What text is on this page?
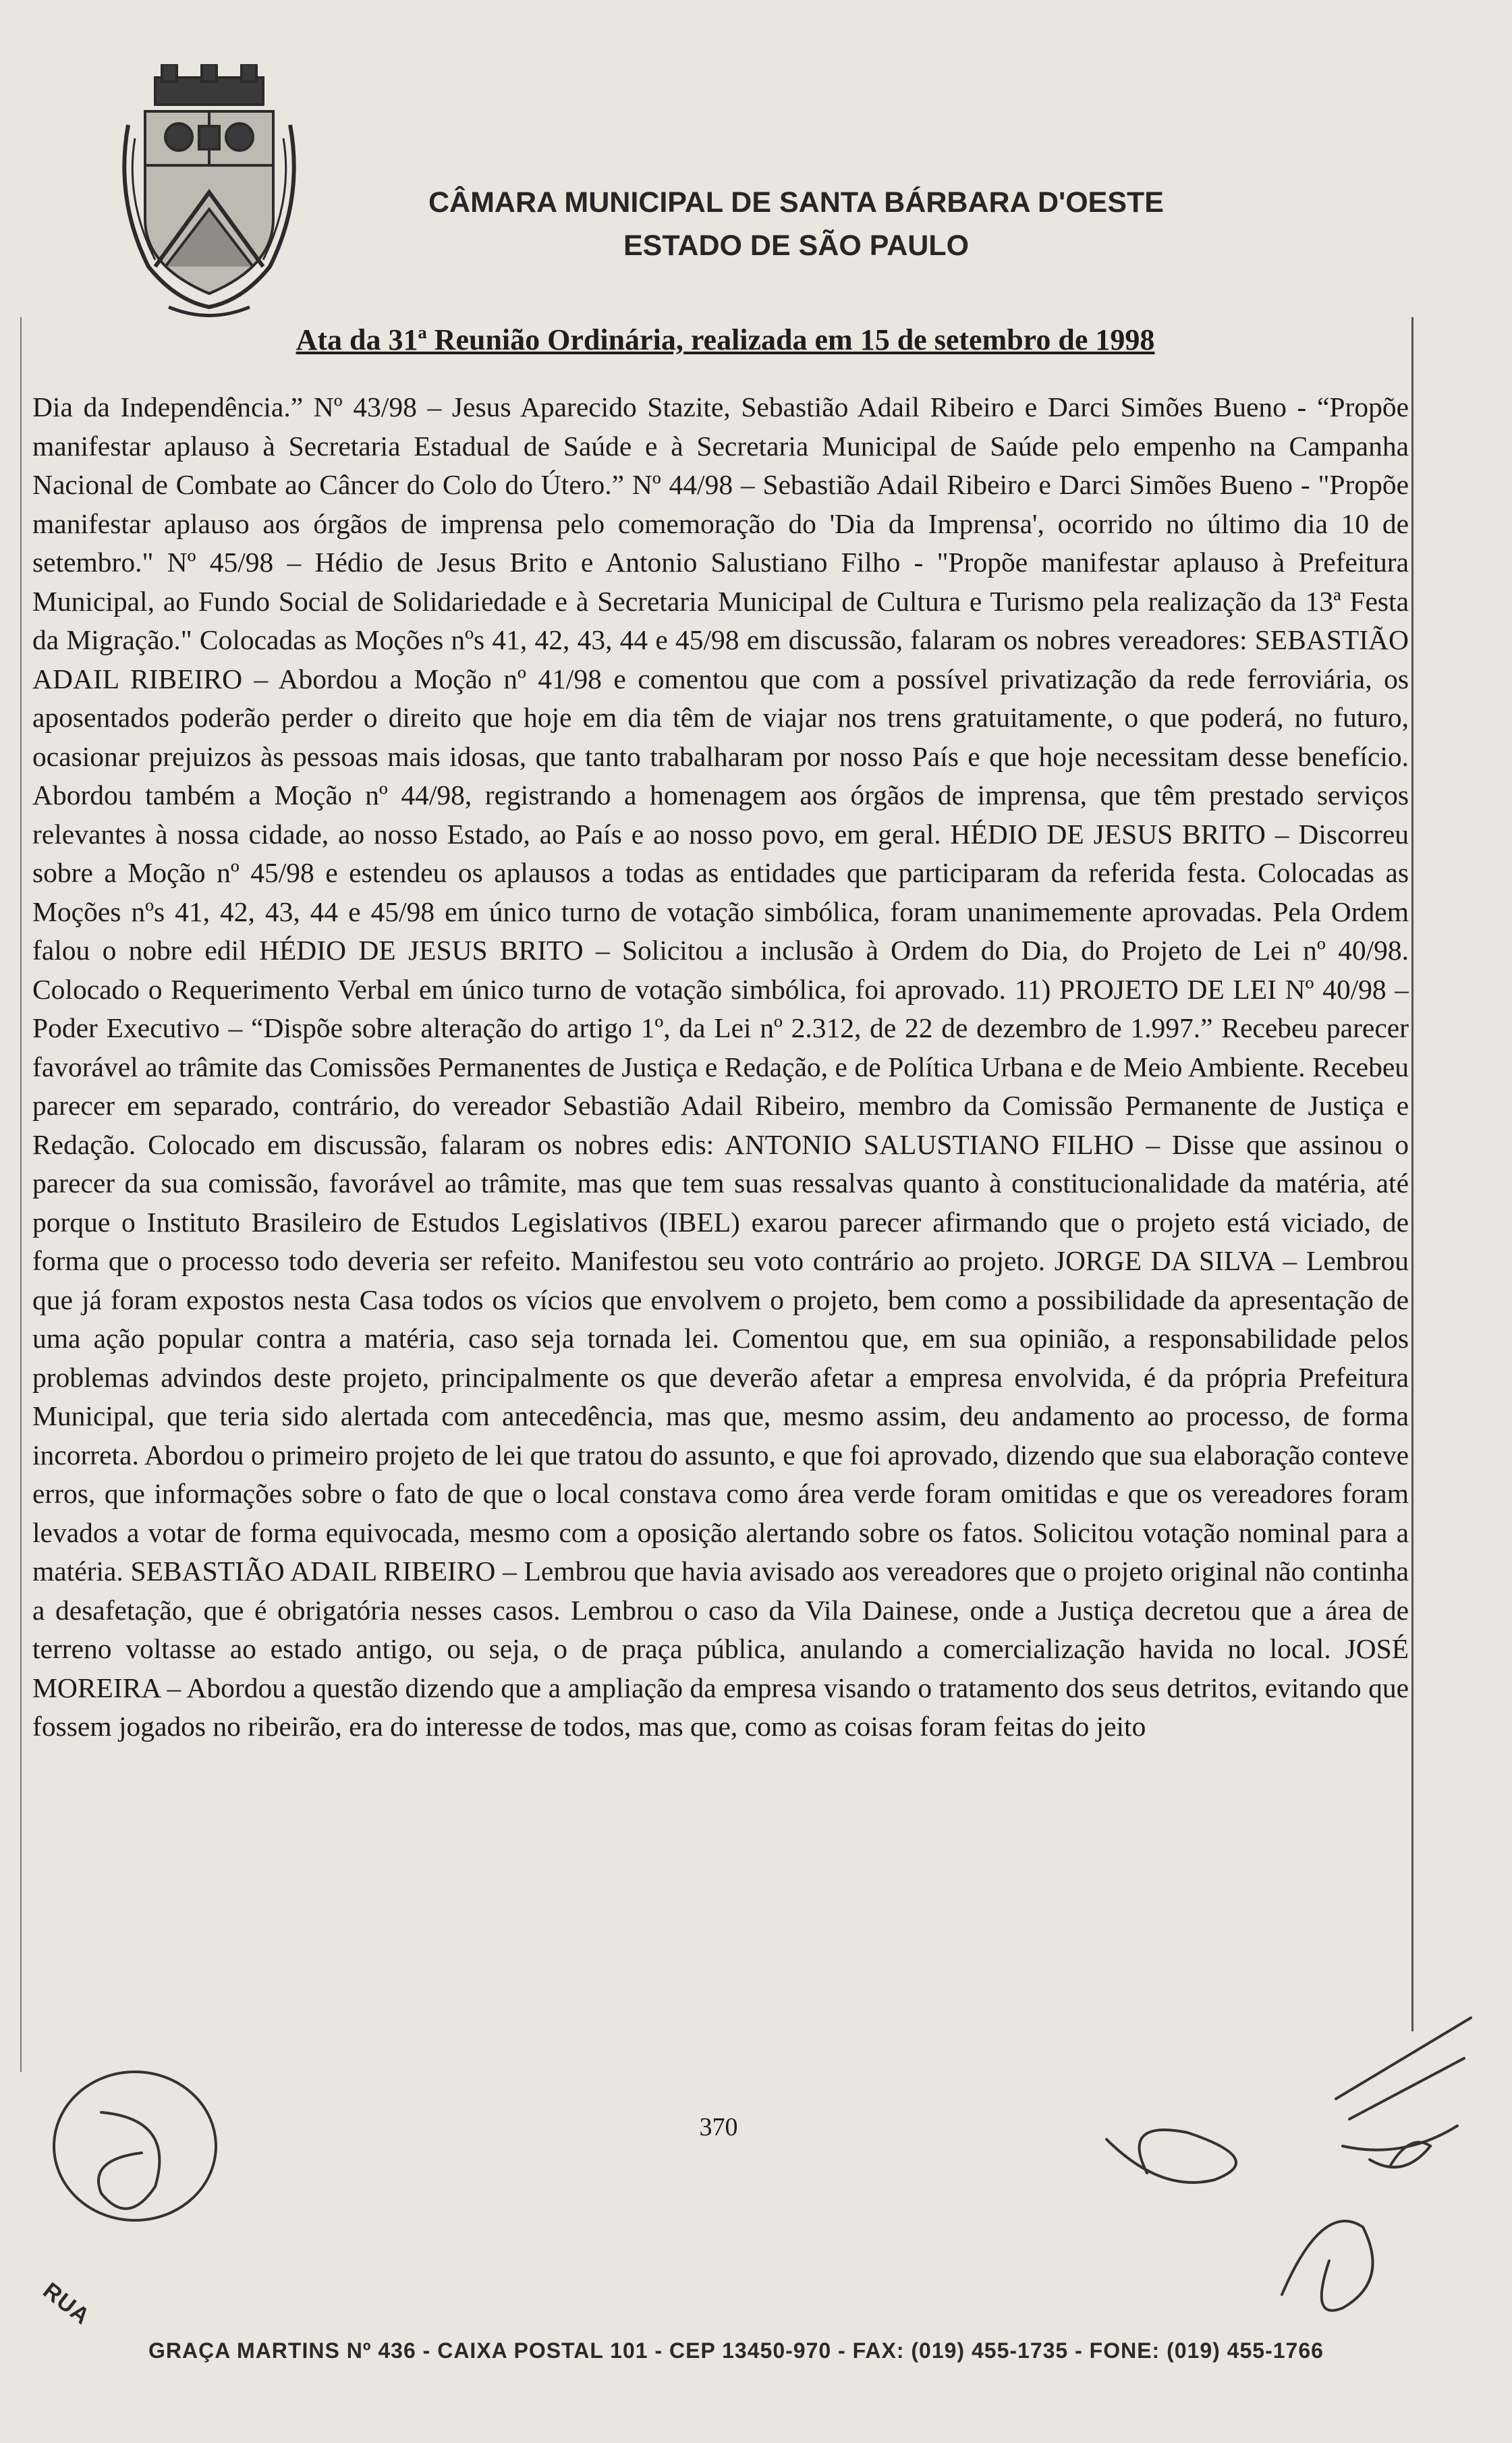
CÂMARA MUNICIPAL DE SANTA BÁRBARA D'OESTE
ESTADO DE SÃO PAULO
Ata da 31ª Reunião Ordinária, realizada em 15 de setembro de 1998

Dia da Independência.” Nº 43/98 – Jesus Aparecido Stazite, Sebastião Adail Ribeiro e Darci Simões Bueno - “Propõe manifestar aplauso à Secretaria Estadual de Saúde e à Secretaria Municipal de Saúde pelo empenho na Campanha Nacional de Combate ao Câncer do Colo do Útero.” Nº 44/98 – Sebastião Adail Ribeiro e Darci Simões Bueno - "Propõe manifestar aplauso aos órgãos de imprensa pelo comemoração do 'Dia da Imprensa', ocorrido no último dia 10 de setembro." Nº 45/98 – Hédio de Jesus Brito e Antonio Salustiano Filho - "Propõe manifestar aplauso à Prefeitura Municipal, ao Fundo Social de Solidariedade e à Secretaria Municipal de Cultura e Turismo pela realização da 13ª Festa da Migração." Colocadas as Moções nºs 41, 42, 43, 44 e 45/98 em discussão, falaram os nobres vereadores: SEBASTIÃO ADAIL RIBEIRO – Abordou a Moção nº 41/98 e comentou que com a possível privatização da rede ferroviária, os aposentados poderão perder o direito que hoje em dia têm de viajar nos trens gratuitamente, o que poderá, no futuro, ocasionar prejuizos às pessoas mais idosas, que tanto trabalharam por nosso País e que hoje necessitam desse benefício. Abordou também a Moção nº 44/98, registrando a homenagem aos órgãos de imprensa, que têm prestado serviços relevantes à nossa cidade, ao nosso Estado, ao País e ao nosso povo, em geral. HÉDIO DE JESUS BRITO – Discorreu sobre a Moção nº 45/98 e estendeu os aplausos a todas as entidades que participaram da referida festa. Colocadas as Moções nºs 41, 42, 43, 44 e 45/98 em único turno de votação simbólica, foram unanimemente aprovadas. Pela Ordem falou o nobre edil HÉDIO DE JESUS BRITO – Solicitou a inclusão à Ordem do Dia, do Projeto de Lei nº 40/98. Colocado o Requerimento Verbal em único turno de votação simbólica, foi aprovado. 11) PROJETO DE LEI Nº 40/98 – Poder Executivo – “Dispõe sobre alteração do artigo 1º, da Lei nº 2.312, de 22 de dezembro de 1.997.” Recebeu parecer favorável ao trâmite das Comissões Permanentes de Justiça e Redação, e de Política Urbana e de Meio Ambiente. Recebeu parecer em separado, contrário, do vereador Sebastião Adail Ribeiro, membro da Comissão Permanente de Justiça e Redação. Colocado em discussão, falaram os nobres edis: ANTONIO SALUSTIANO FILHO – Disse que assinou o parecer da sua comissão, favorável ao trâmite, mas que tem suas ressalvas quanto à constitucionalidade da matéria, até porque o Instituto Brasileiro de Estudos Legislativos (IBEL) exarou parecer afirmando que o projeto está viciado, de forma que o processo todo deveria ser refeito. Manifestou seu voto contrário ao projeto. JORGE DA SILVA – Lembrou que já foram expostos nesta Casa todos os vícios que envolvem o projeto, bem como a possibilidade da apresentação de uma ação popular contra a matéria, caso seja tornada lei. Comentou que, em sua opinião, a responsabilidade pelos problemas advindos deste projeto, principalmente os que deverão afetar a empresa envolvida, é da própria Prefeitura Municipal, que teria sido alertada com antecedência, mas que, mesmo assim, deu andamento ao processo, de forma incorreta. Abordou o primeiro projeto de lei que tratou do assunto, e que foi aprovado, dizendo que sua elaboração conteve erros, que informações sobre o fato de que o local constava como área verde foram omitidas e que os vereadores foram levados a votar de forma equivocada, mesmo com a oposição alertando sobre os fatos. Solicitou votação nominal para a matéria. SEBASTIÃO ADAIL RIBEIRO – Lembrou que havia avisado aos vereadores que o projeto original não continha a desafetação, que é obrigatória nesses casos. Lembrou o caso da Vila Dainese, onde a Justiça decretou que a área de terreno voltasse ao estado antigo, ou seja, o de praça pública, anulando a comercialização havida no local. JOSÉ MOREIRA – Abordou a questão dizendo que a ampliação da empresa visando o tratamento dos seus detritos, evitando que fossem jogados no ribeirão, era do interesse de todos, mas que, como as coisas foram feitas do jeito

370
RUA
GRAÇA MARTINS Nº 436 - CAIXA POSTAL 101 - CEP 13450-970 - FAX: (019) 455-1735 - FONE: (019) 455-1766
